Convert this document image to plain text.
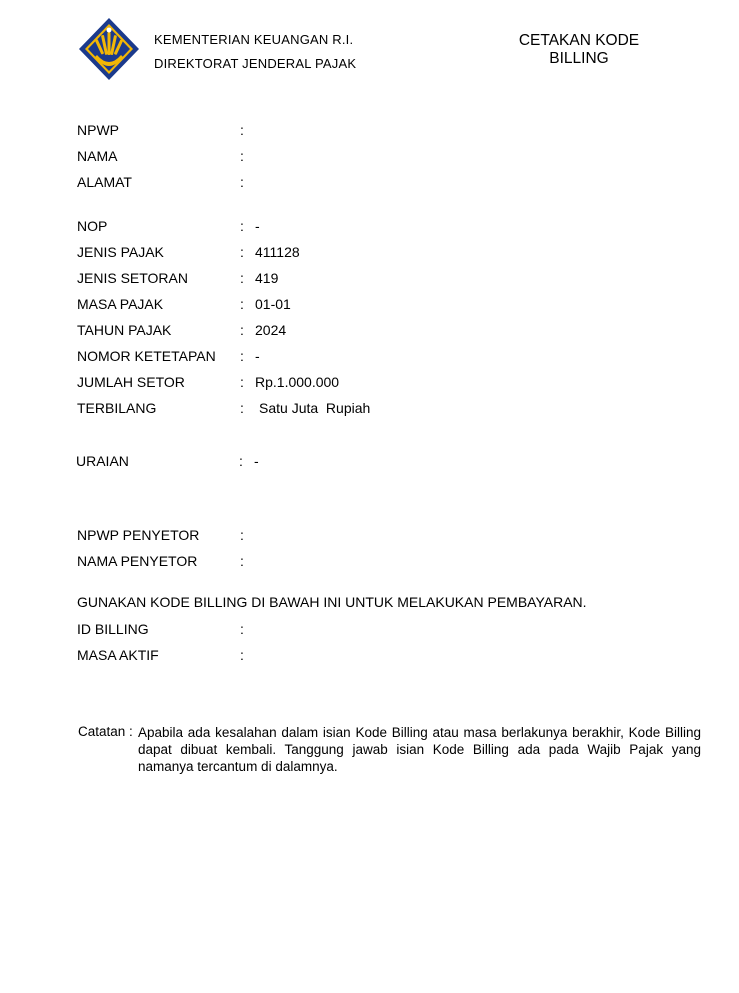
KEMENTERIAN KEUANGAN R.I.
DIREKTORAT JENDERAL PAJAK
CETAKAN KODE
BILLING
NPWP	:
NAMA	:
ALAMAT	:
NOP	: -
JENIS PAJAK	: 411128
JENIS SETORAN	: 419
MASA PAJAK	: 01-01
TAHUN PAJAK	: 2024
NOMOR KETETAPAN : -
JUMLAH SETOR	: Rp.1.000.000
TERBILANG	: Satu Juta  Rupiah
URAIAN	: -
NPWP PENYETOR	:
NAMA PENYETOR	:
GUNAKAN KODE BILLING DI BAWAH INI UNTUK MELAKUKAN PEMBAYARAN.
ID BILLING	:
MASA AKTIF	:
Catatan : Apabila ada kesalahan dalam isian Kode Billing atau masa berlakunya berakhir, Kode Billing dapat dibuat kembali. Tanggung jawab isian Kode Billing ada pada Wajib Pajak yang namanya tercantum di dalamnya.
